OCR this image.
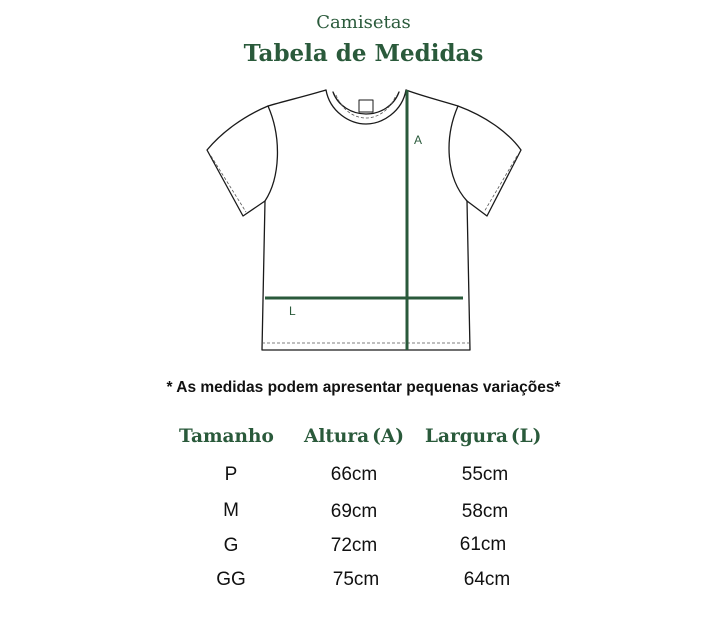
Camisetas
Tabela de Medidas
A
L
* As medidas podem apresentar pequenas variações*
Tamanho Altura (A) Largura (L)
P	66cm	55cm
M	69cm	58cm
G	72cm	61cm
GG	75cm	64cm
